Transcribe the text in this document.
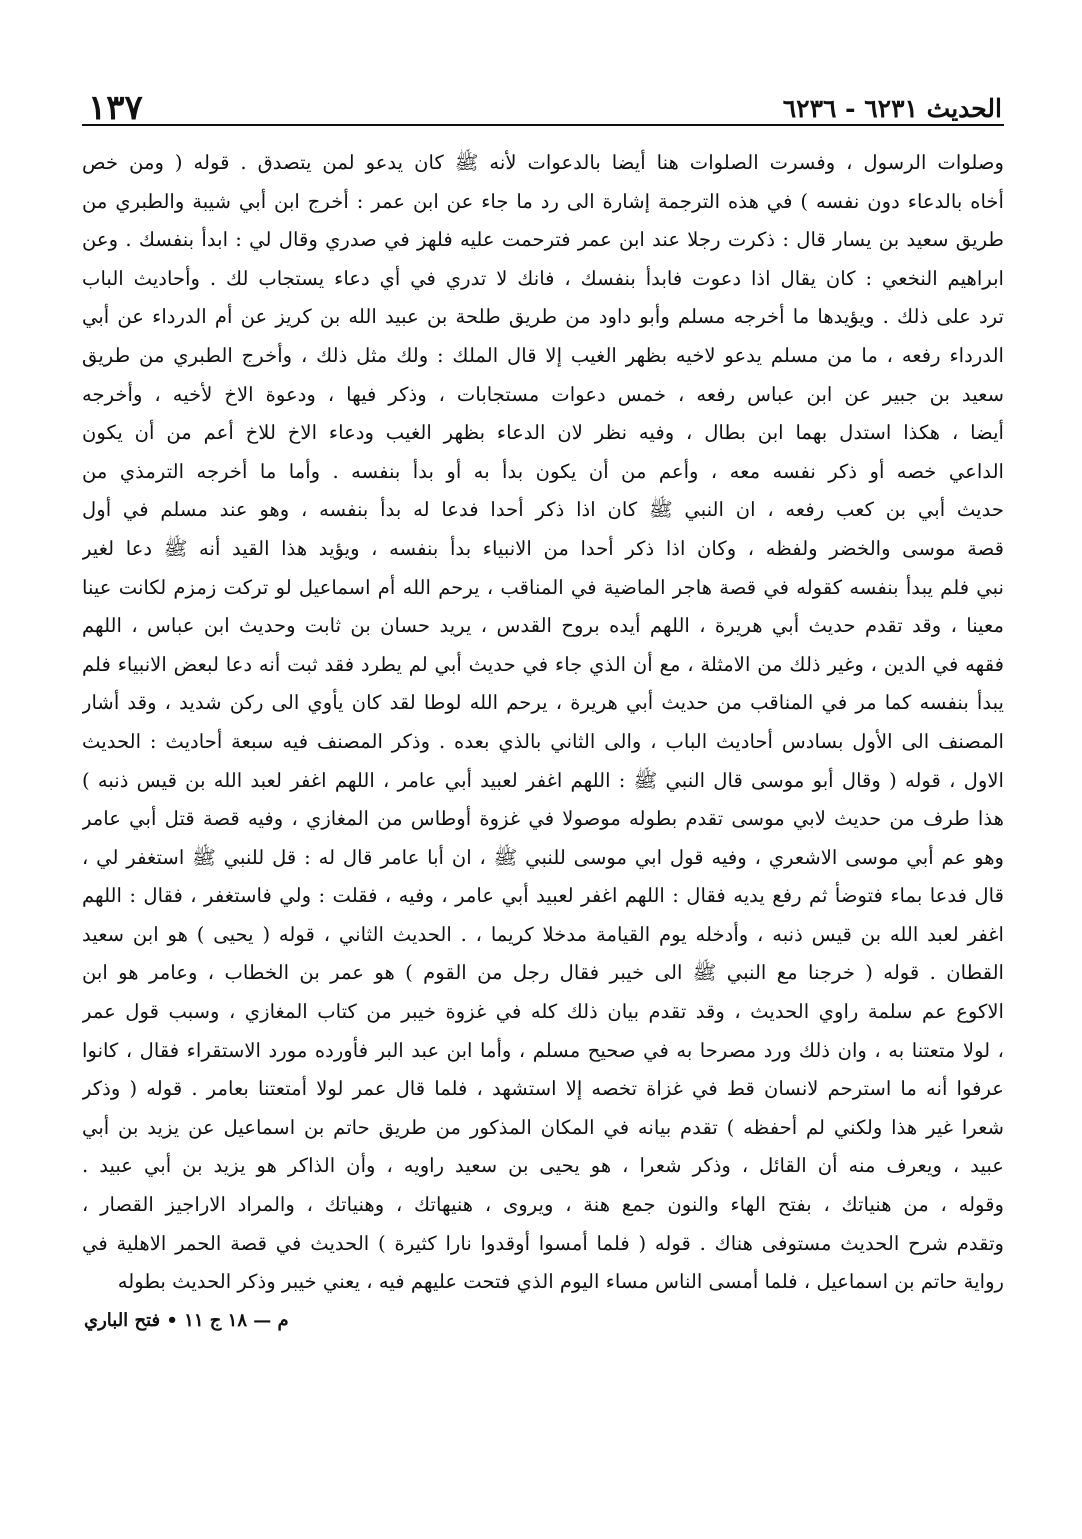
١٣٧	الحديث ٦٢٣١ - ٦٢٣٦
وصلوات الرسول ، وفسرت الصلوات هنا أيضا بالدعوات لأنه ﷺ كان يدعو لمن يتصدق . قوله ( ومن خص
أخاه بالدعاء دون نفسه ) في هذه الترجمة إشارة الى رد ما جاء عن ابن عمر : أخرج ابن أبي شيبة والطبري من
طريق سعيد بن يسار قال : ذكرت رجلا عند ابن عمر فترحمت عليه فلهز في صدري وقال لي : ابدأ بنفسك . وعن
ابراهيم النخعي : كان يقال اذا دعوت فابدأ بنفسك ، فانك لا تدري في أي دعاء يستجاب لك . وأحاديث الباب
ترد على ذلك . ويؤيدها ما أخرجه مسلم وأبو داود من طريق طلحة بن عبيد الله بن كريز عن أم الدرداء عن أبي
الدرداء رفعه ، ما من مسلم يدعو لاخيه بظهر الغيب إلا قال الملك : ولك مثل ذلك ، وأخرج الطبري من طريق
سعيد بن جبير عن ابن عباس رفعه ، خمس دعوات مستجابات ، وذكر فيها ، ودعوة الاخ لأخيه ، وأخرجه
أيضا ، هكذا استدل بهما ابن بطال ، وفيه نظر لان الدعاء بظهر الغيب ودعاء الاخ للاخ أعم من أن يكون
الداعي خصه أو ذكر نفسه معه ، وأعم من أن يكون بدأ به أو بدأ بنفسه . وأما ما أخرجه الترمذي من
حديث أبي بن كعب رفعه ، ان النبي ﷺ كان اذا ذكر أحدا فدعا له بدأ بنفسه ، وهو عند مسلم في أول
قصة موسى والخضر ولفظه ، وكان اذا ذكر أحدا من الانبياء بدأ بنفسه ، ويؤيد هذا القيد أنه ﷺ دعا لغير
نبي فلم يبدأ بنفسه كقوله في قصة هاجر الماضية في المناقب ، يرحم الله أم اسماعيل لو تركت زمزم لكانت عينا
معينا ، وقد تقدم حديث أبي هريرة ، اللهم أيده بروح القدس ، يريد حسان بن ثابت وحديث ابن عباس ، اللهم
فقهه في الدين ، وغير ذلك من الامثلة ، مع أن الذي جاء في حديث أبي لم يطرد فقد ثبت أنه دعا لبعض الانبياء فلم
يبدأ بنفسه كما مر في المناقب من حديث أبي هريرة ، يرحم الله لوطا لقد كان يأوي الى ركن شديد ، وقد أشار
المصنف الى الأول بسادس أحاديث الباب ، والى الثاني بالذي بعده . وذكر المصنف فيه سبعة أحاديث : الحديث
الاول ، قوله ( وقال أبو موسى قال النبي ﷺ : اللهم اغفر لعبيد أبي عامر ، اللهم اغفر لعبد الله بن قيس ذنبه )
هذا طرف من حديث لابي موسى تقدم بطوله موصولا في غزوة أوطاس من المغازي ، وفيه قصة قتل أبي عامر
وهو عم أبي موسى الاشعري ، وفيه قول ابي موسى للنبي ﷺ ، ان أبا عامر قال له : قل للنبي ﷺ استغفر لي ،
قال فدعا بماء فتوضأ ثم رفع يديه فقال : اللهم اغفر لعبيد أبي عامر ، وفيه ، فقلت : ولي فاستغفر ، فقال : اللهم
اغفر لعبد الله بن قيس ذنبه ، وأدخله يوم القيامة مدخلا كريما ، . الحديث الثاني ، قوله ( يحيى ) هو ابن سعيد
القطان . قوله ( خرجنا مع النبي ﷺ الى خيبر فقال رجل من القوم ) هو عمر بن الخطاب ، وعامر هو ابن
الاكوع عم سلمة راوي الحديث ، وقد تقدم بيان ذلك كله في غزوة خيبر من كتاب المغازي ، وسبب قول عمر
، لولا متعتنا به ، وان ذلك ورد مصرحا به في صحيح مسلم ، وأما ابن عبد البر فأورده مورد الاستقراء فقال ، كانوا
عرفوا أنه ما استرحم لانسان قط في غزاة تخصه إلا استشهد ، فلما قال عمر لولا أمتعتنا بعامر . قوله ( وذكر
شعرا غير هذا ولكني لم أحفظه ) تقدم بيانه في المكان المذكور من طريق حاتم بن اسماعيل عن يزيد بن أبي
عبيد ، ويعرف منه أن القائل ، وذكر شعرا ، هو يحيى بن سعيد راويه ، وأن الذاكر هو يزيد بن أبي عبيد .
وقوله ، من هنياتك ، بفتح الهاء والنون جمع هنة ، ويروى ، هنيهاتك ، وهنياتك ، والمراد الاراجيز القصار ،
وتقدم شرح الحديث مستوفى هناك . قوله ( فلما أمسوا أوقدوا نارا كثيرة ) الحديث في قصة الحمر الاهلية في
رواية حاتم بن اسماعيل ، فلما أمسى الناس مساء اليوم الذي فتحت عليهم فيه ، يعني خيبر وذكر الحديث بطوله
م — ١٨ ج ١١ • فتح الباري
